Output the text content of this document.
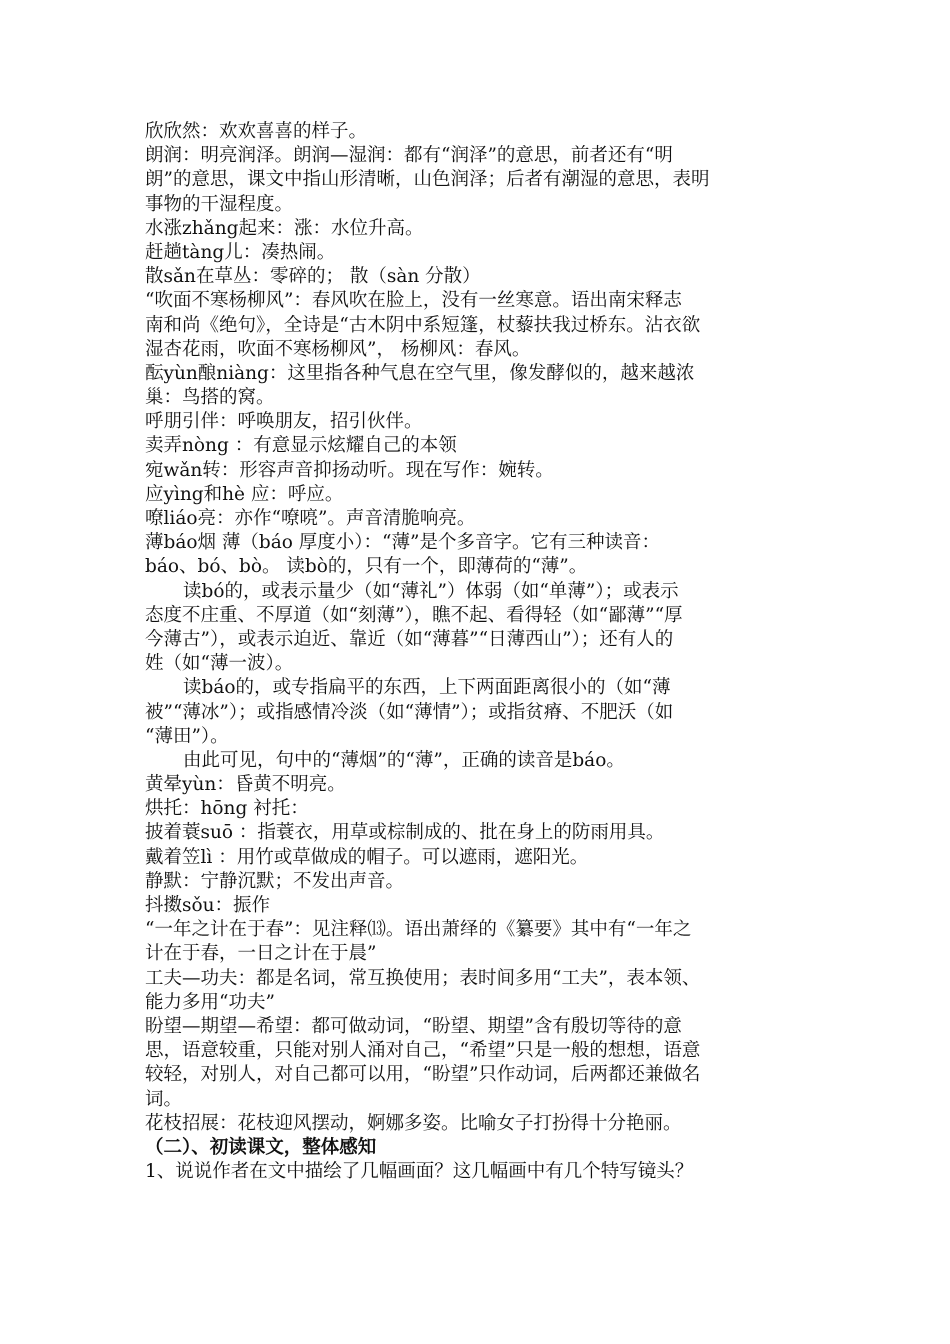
欣欣然：欢欢喜喜的样子。
朗润：明亮润泽。朗润—湿润：都有“润泽”的意思，前者还有“明
朗”的意思，课文中指山形清晰，山色润泽；后者有潮湿的意思，表明
事物的干湿程度。
水涨zhǎng起来：涨：水位升高。
赶趟tàng儿：凑热闹。
散sǎn在草丛：零碎的； 散（sàn 分散）
“吹面不寒杨柳风”：春风吹在脸上，没有一丝寒意。语出南宋释志
南和尚《绝句》，全诗是“古木阴中系短篷，杖藜扶我过桥东。沾衣欲
湿杏花雨，吹面不寒杨柳风”， 杨柳风：春风。
酝yùn酿niàng：这里指各种气息在空气里，像发酵似的，越来越浓
巢：鸟搭的窝。
呼朋引伴：呼唤朋友，招引伙伴。
卖弄nòng ：有意显示炫耀自己的本领
宛wǎn转：形容声音抑扬动听。现在写作：婉转。
应yìng和hè 应：呼应。
嘹liáo亮：亦作“嘹喨”。声音清脆响亮。
薄báo烟 薄（báo 厚度小）：“薄”是个多音字。它有三种读音：
báo、bó、bò。 读bò的，只有一个，即薄荷的“薄”。
读bó的，或表示量少（如“薄礼”）体弱（如“单薄”）；或表示
态度不庄重、不厚道（如“刻薄”），瞧不起、看得轻（如“鄙薄”“厚
今薄古”），或表示迫近、靠近（如“薄暮”“日薄西山”）；还有人的
姓（如“薄一波）。
读báo的，或专指扁平的东西，上下两面距离很小的（如“薄
被”“薄冰”）；或指感情冷淡（如“薄情”）；或指贫瘠、不肥沃（如
“薄田”）。
由此可见，句中的“薄烟”的“薄”，正确的读音是báo。
黄晕yùn：昏黄不明亮。
烘托：hōng 衬托：
披着蓑suō ：指蓑衣，用草或棕制成的、批在身上的防雨用具。
戴着笠lì ：用竹或草做成的帽子。可以遮雨，遮阳光。
静默：宁静沉默；不发出声音。
抖擞sǒu：振作
“一年之计在于春”：见注释⒀。语出萧绎的《纂要》其中有“一年之
计在于春，一日之计在于晨”
工夫—功夫：都是名词，常互换使用；表时间多用“工夫”，表本领、
能力多用“功夫”
盼望—期望—希望：都可做动词，“盼望、期望”含有殷切等待的意
思，语意较重，只能对别人涌对自己，“希望”只是一般的想想，语意
较轻，对别人，对自己都可以用，“盼望”只作动词，后两都还兼做名
词。
花枝招展：花枝迎风摆动，婀娜多姿。比喻女子打扮得十分艳丽。
（二）、初读课文，整体感知
1、说说作者在文中描绘了几幅画面？这几幅画中有几个特写镜头？
